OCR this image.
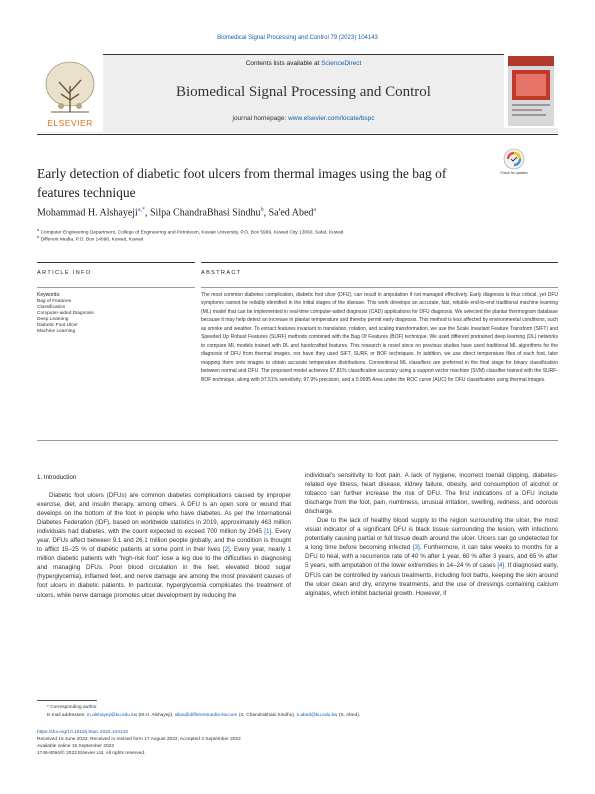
Biomedical Signal Processing and Control 79 (2023) 104143
ELSEVIER
Contents lists available at ScienceDirect
Biomedical Signal Processing and Control
journal homepage: www.elsevier.com/locate/bspc
Early detection of diabetic foot ulcers from thermal images using the bag of features technique
Check for updates
Mohammad H. Alshayeji$^{a,*}$, Silpa ChandraBhasi Sindhu$^b$, Sa'ed Abed$^a$
$^a$ Computer Engineering Department, College of Engineering and Petroleum, Kuwait University, P.O. Box 5969, Kuwait City 13060, Safat, Kuwait
$^b$ Different Media, P.O. Box 14098, Kuwait, Kuwait
ARTICLE INFO	ABSTRACT
Keywords:
Bag of Features
Classification
Computer-aided Diagnosis
Deep Learning
Diabetic Foot Ulcer
Machine Learning
The most common diabetes complication, diabetic foot ulcer (DFU), can result in amputation if not managed effectively. Early diagnosis is thus critical, yet DFU symptoms cannot be reliably identified in the initial stages of the disease. This work develops an accurate, fast, reliable end-to-end traditional machine learning (ML) model that can be implemented in real-time computer-aided diagnosis (CAD) applications for DFU diagnosis. We selected the plantar thermogram database because it may help detect an increase in plantar temperature and thereby permit early diagnosis. This method is less affected by environmental conditions, such as smoke and weather. To extract features invariant to translation, rotation, and scaling transformation, we use the Scale Invariant Feature Transform (SIFT) and Speeded Up Robust Features (SURF) methods combined with the Bag Of Features (BOF) technique. We used different pretrained deep learning (DL) networks to compare ML models trained with DL and handcrafted features. This research is novel since no previous studies have used traditional ML algorithms for the diagnosis of DFU from thermal images, nor have they used SIFT, SURF, or BOF techniques. In addition, we use direct temperature files of each foot, later mapping them onto images to obtain accurate temperature distributions. Conventional ML classifiers are preferred in the final stage for binary classification between normal and DFU. The proposed model achieves 97.81% classification accuracy using a support vector machine (SVM) classifier trained with the SURF-BOF technique, along with 97.51% sensitivity, 97.9% precision, and a 0.9995 Area under the ROC curve (AUC) for DFU classification using thermal images.
1. Introduction

Diabetic foot ulcers (DFUs) are common diabetes complications caused by improper exercise, diet, and insulin therapy, among others. A DFU is an open sore or wound that develops on the bottom of the foot in people who have diabetes. As per the International Diabetes Federation (IDF), based on worldwide statistics in 2019, approximately 463 million individuals had diabetes, with the count expected to exceed 700 million by 2045 [1]. Every year, DFUs affect between 9.1 and 26.1 million people globally, and the condition is thought to afflict 15–25 % of diabetic patients at some point in their lives [2]. Every year, nearly 1 million diabetic patients with "high-risk foot" lose a leg due to the difficulties in diagnosing and managing DFUs. Poor blood circulation in the feet, elevated blood sugar (hyperglycemia), inflamed feet, and nerve damage are among the most prevalent causes of foot ulcers in diabetic patients. In particular, hyperglycemia complicates the treatment of ulcers, while nerve damage promotes ulcer development by reducing the

individual's sensitivity to foot pain. A lack of hygiene, incorrect toenail clipping, diabetes-related eye illness, heart disease, kidney failure, obesity, and consumption of alcohol or tobacco can further increase the risk of DFU. The first indications of a DFU include discharge from the foot, pain, numbness, unusual irritation, swelling, redness, and odorous discharge.

Due to the lack of healthy blood supply to the region surrounding the ulcer, the most visual indicator of a significant DFU is black tissue surrounding the lesion, with infections potentially causing partial or full tissue death around the ulcer. Ulcers can go undetected for a long time before becoming infected [3]. Furthermore, it can take weeks to months for a DFU to heal, with a recurrence rate of 40 % after 1 year, 60 % after 3 years, and 65 % after 5 years, with amputation of the lower extremities in 14–24 % of cases [4]. If diagnosed early, DFUs can be controlled by various treatments, including foot baths, keeping the skin around the ulcer clean and dry, enzyme treatments, and the use of dressings containing calcium alginates, which inhibit bacterial growth. However, if

* Corresponding author.
E-mail addresses: m.alshayeji@ku.edu.kw (M.H. Alshayeji), silpa@differentmedia-kw.com (S. Chandrabhasi Sindhu), s.abed@ku.edu.kw (S. Abed).
https://doi.org/10.1016/j.bspc.2022.104143
Received 15 June 2022; Received in revised form 17 August 2022; Accepted 4 September 2022
Available online 15 September 2022
1746-8094/© 2022 Elsevier Ltd. All rights reserved.
